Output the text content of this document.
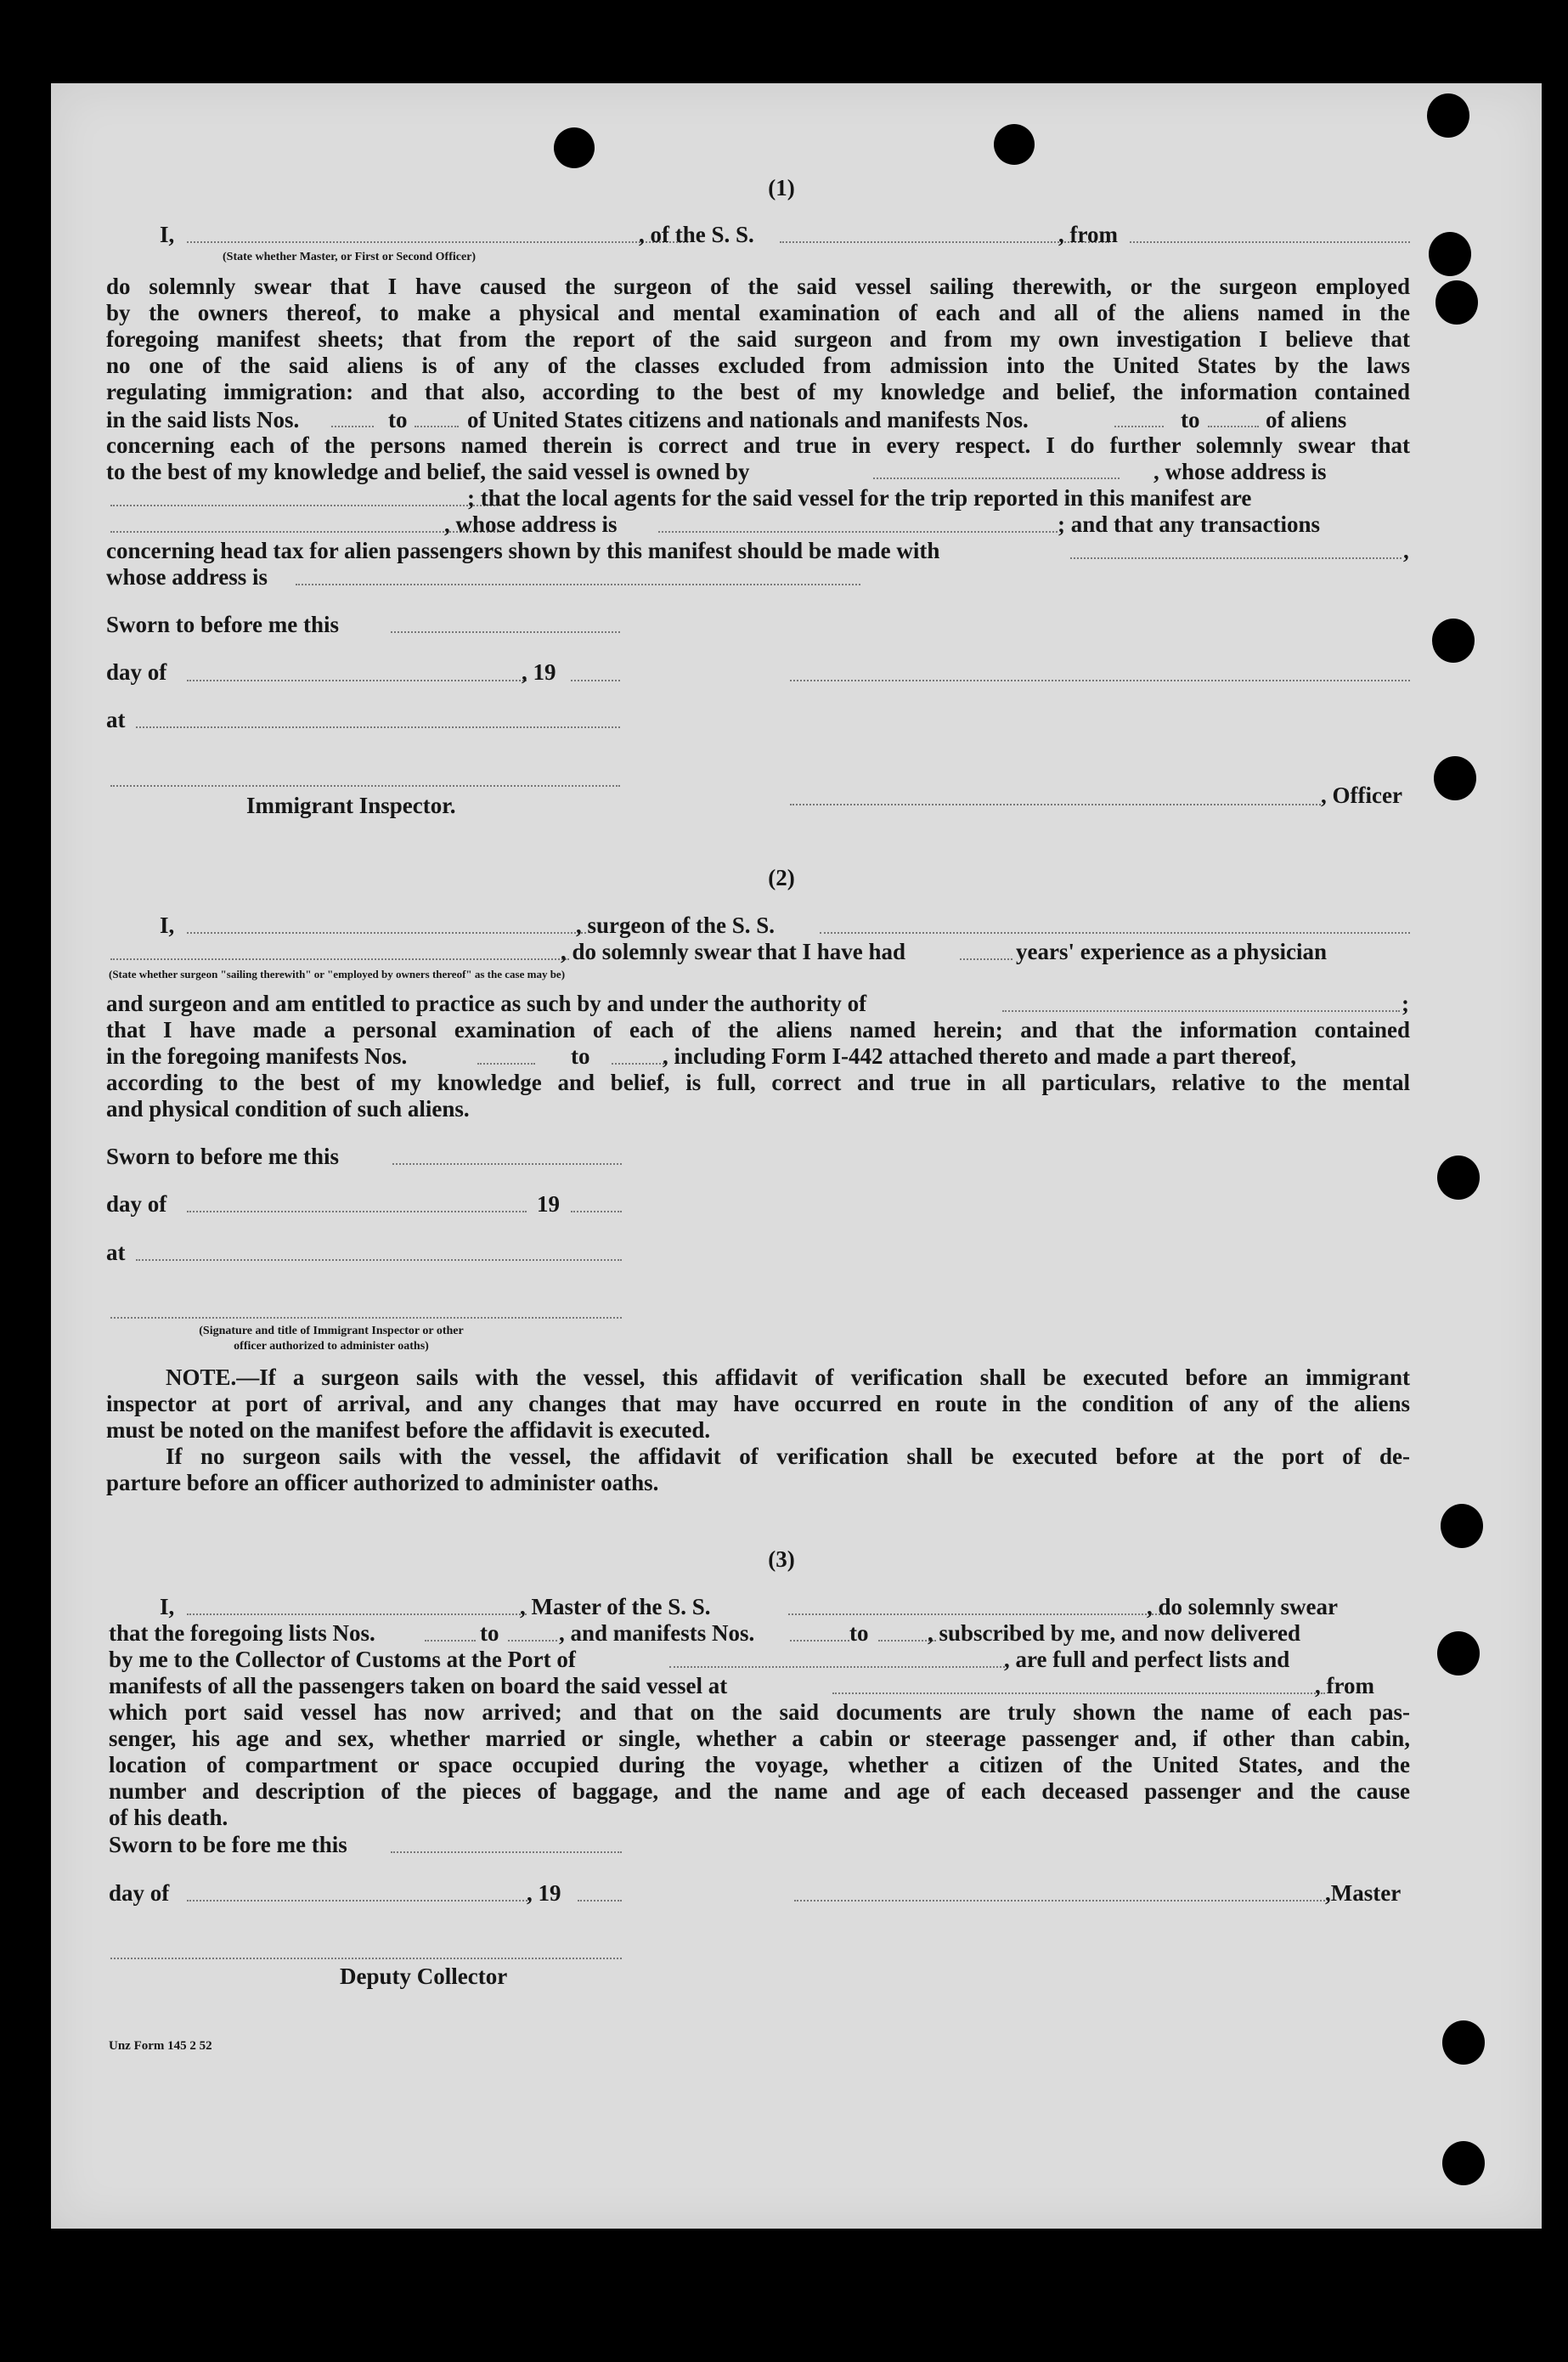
(1)
I,	, of the S. S.	, from
(State whether Master, or First or Second Officer)

do solemnly swear that I have caused the surgeon of the said vessel sailing therewith, or the surgeon employed

by the owners thereof, to make a physical and mental examination of each and all of the aliens named in the

foregoing manifest sheets; that from the report of the said surgeon and from my own investigation I believe that

no one of the said aliens is of any of the classes excluded from admission into the United States by the laws

regulating immigration: and that also, according to the best of my knowledge and belief, the information contained

in the said lists Nos.	to	of United States citizens and nationals and manifests Nos.	to	of aliens

concerning each of the persons named therein is correct and true in every respect. I do further solemnly swear that

to the best of my knowledge and belief, the said vessel is owned by	, whose address is
; that the local agents for the said vessel for the trip reported in this manifest are
, whose address is	; and that any transactions
concerning head tax for alien passengers shown by this manifest should be made with	,
whose address is
Sworn to before me this
day of	, 19
at
Immigrant Inspector.	, Officer
(2)
I,	, surgeon of the S. S.
, do solemnly swear that I have had	years' experience as a physician
(State whether surgeon "sailing therewith" or "employed by owners thereof" as the case may be)
and surgeon and am entitled to practice as such by and under the authority of	;

that I have made a personal examination of each of the aliens named herein; and that the information contained

in the foregoing manifests Nos.	to	, including Form I-442 attached thereto and made a part thereof,

according to the best of my knowledge and belief, is full, correct and true in all particulars, relative to the mental

and physical condition of such aliens.

Sworn to before me this
day of	19
at
(Signature and title of Immigrant Inspector or other
officer authorized to administer oaths)

NOTE.—If a surgeon sails with the vessel, this affidavit of verification shall be executed before an immigrant

inspector at port of arrival, and any changes that may have occurred en route in the condition of any of the aliens

must be noted on the manifest before the affidavit is executed.

If no surgeon sails with the vessel, the affidavit of verification shall be executed before at the port of de-

parture before an officer authorized to administer oaths.

(3)
I,	, Master of the S. S.	, do solemnly swear
that the foregoing lists Nos.	to	, and manifests Nos.	to	, subscribed by me, and now delivered
by me to the Collector of Customs at the Port of	, are full and perfect lists and
manifests of all the passengers taken on board the said vessel at	, from

which port said vessel has now arrived; and that on the said documents are truly shown the name of each pas-

senger, his age and sex, whether married or single, whether a cabin or steerage passenger and, if other than cabin,

location of compartment or space occupied during the voyage, whether a citizen of the United States, and the

number and description of the pieces of baggage, and the name and age of each deceased passenger and the cause

of his death.

Sworn to be fore me this
day of	, 19	,Master
Deputy Collector
Unz Form 145 2 52
